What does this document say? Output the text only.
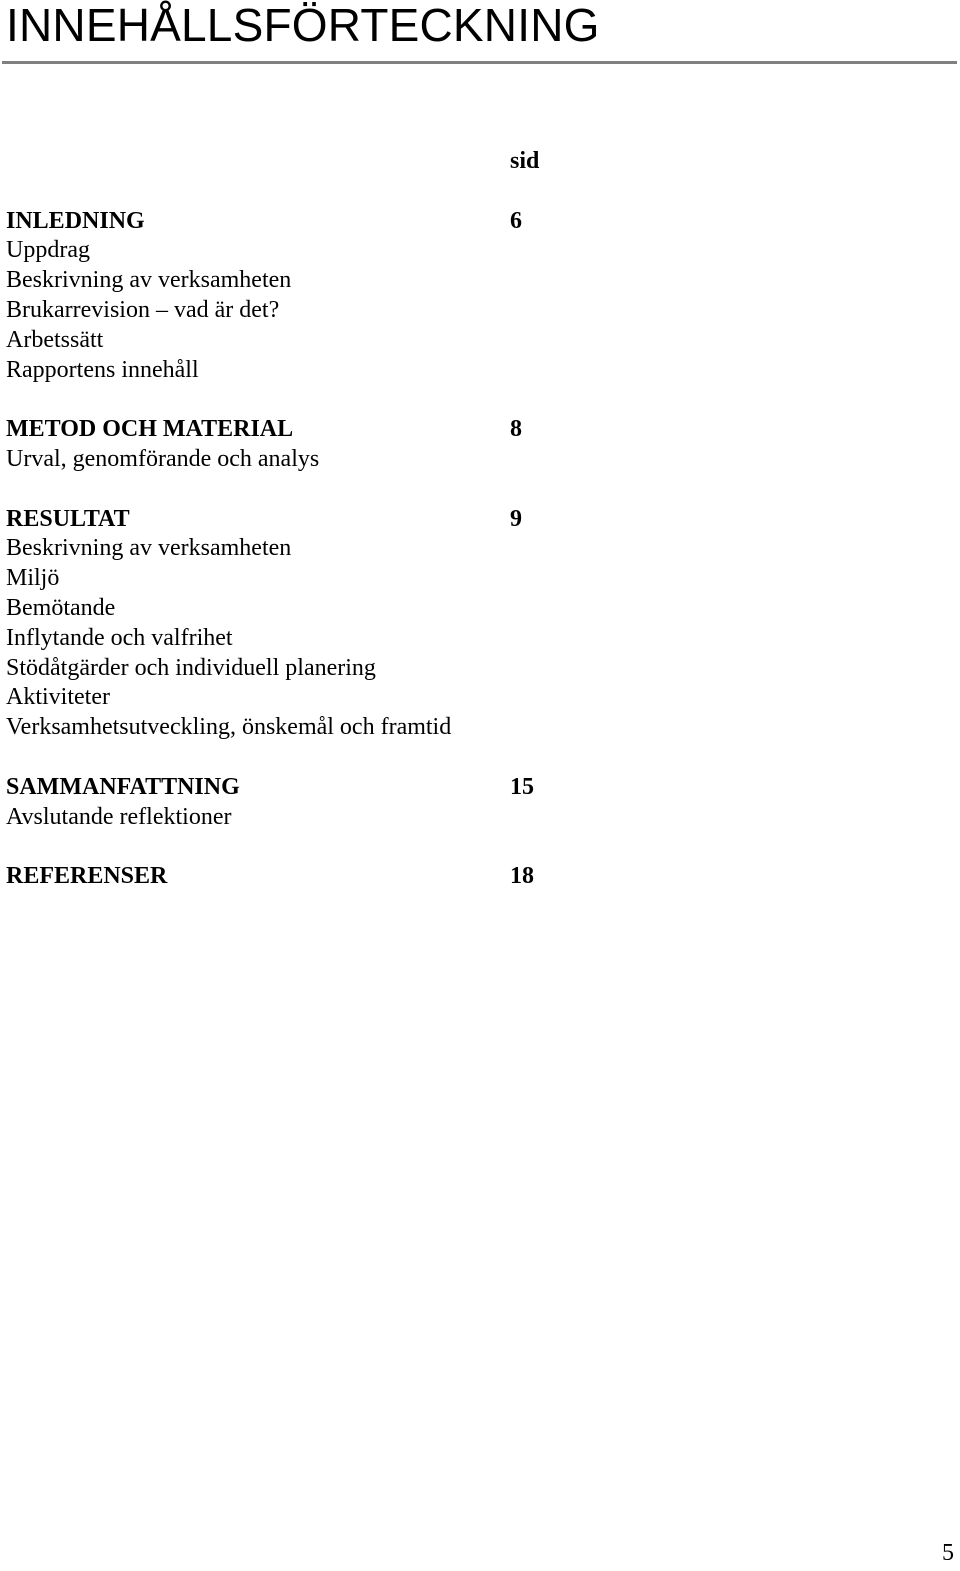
INNEHÅLLSFÖRTECKNING
sid
INLEDNING	6
Uppdrag
Beskrivning av verksamheten
Brukarrevision – vad är det?
Arbetssätt
Rapportens innehåll
METOD OCH MATERIAL	8
Urval, genomförande och analys
RESULTAT	9
Beskrivning av verksamheten
Miljö
Bemötande
Inflytande och valfrihet
Stödåtgärder och individuell planering
Aktiviteter
Verksamhetsutveckling, önskemål och framtid
SAMMANFATTNING	15
Avslutande reflektioner
REFERENSER	18
5
